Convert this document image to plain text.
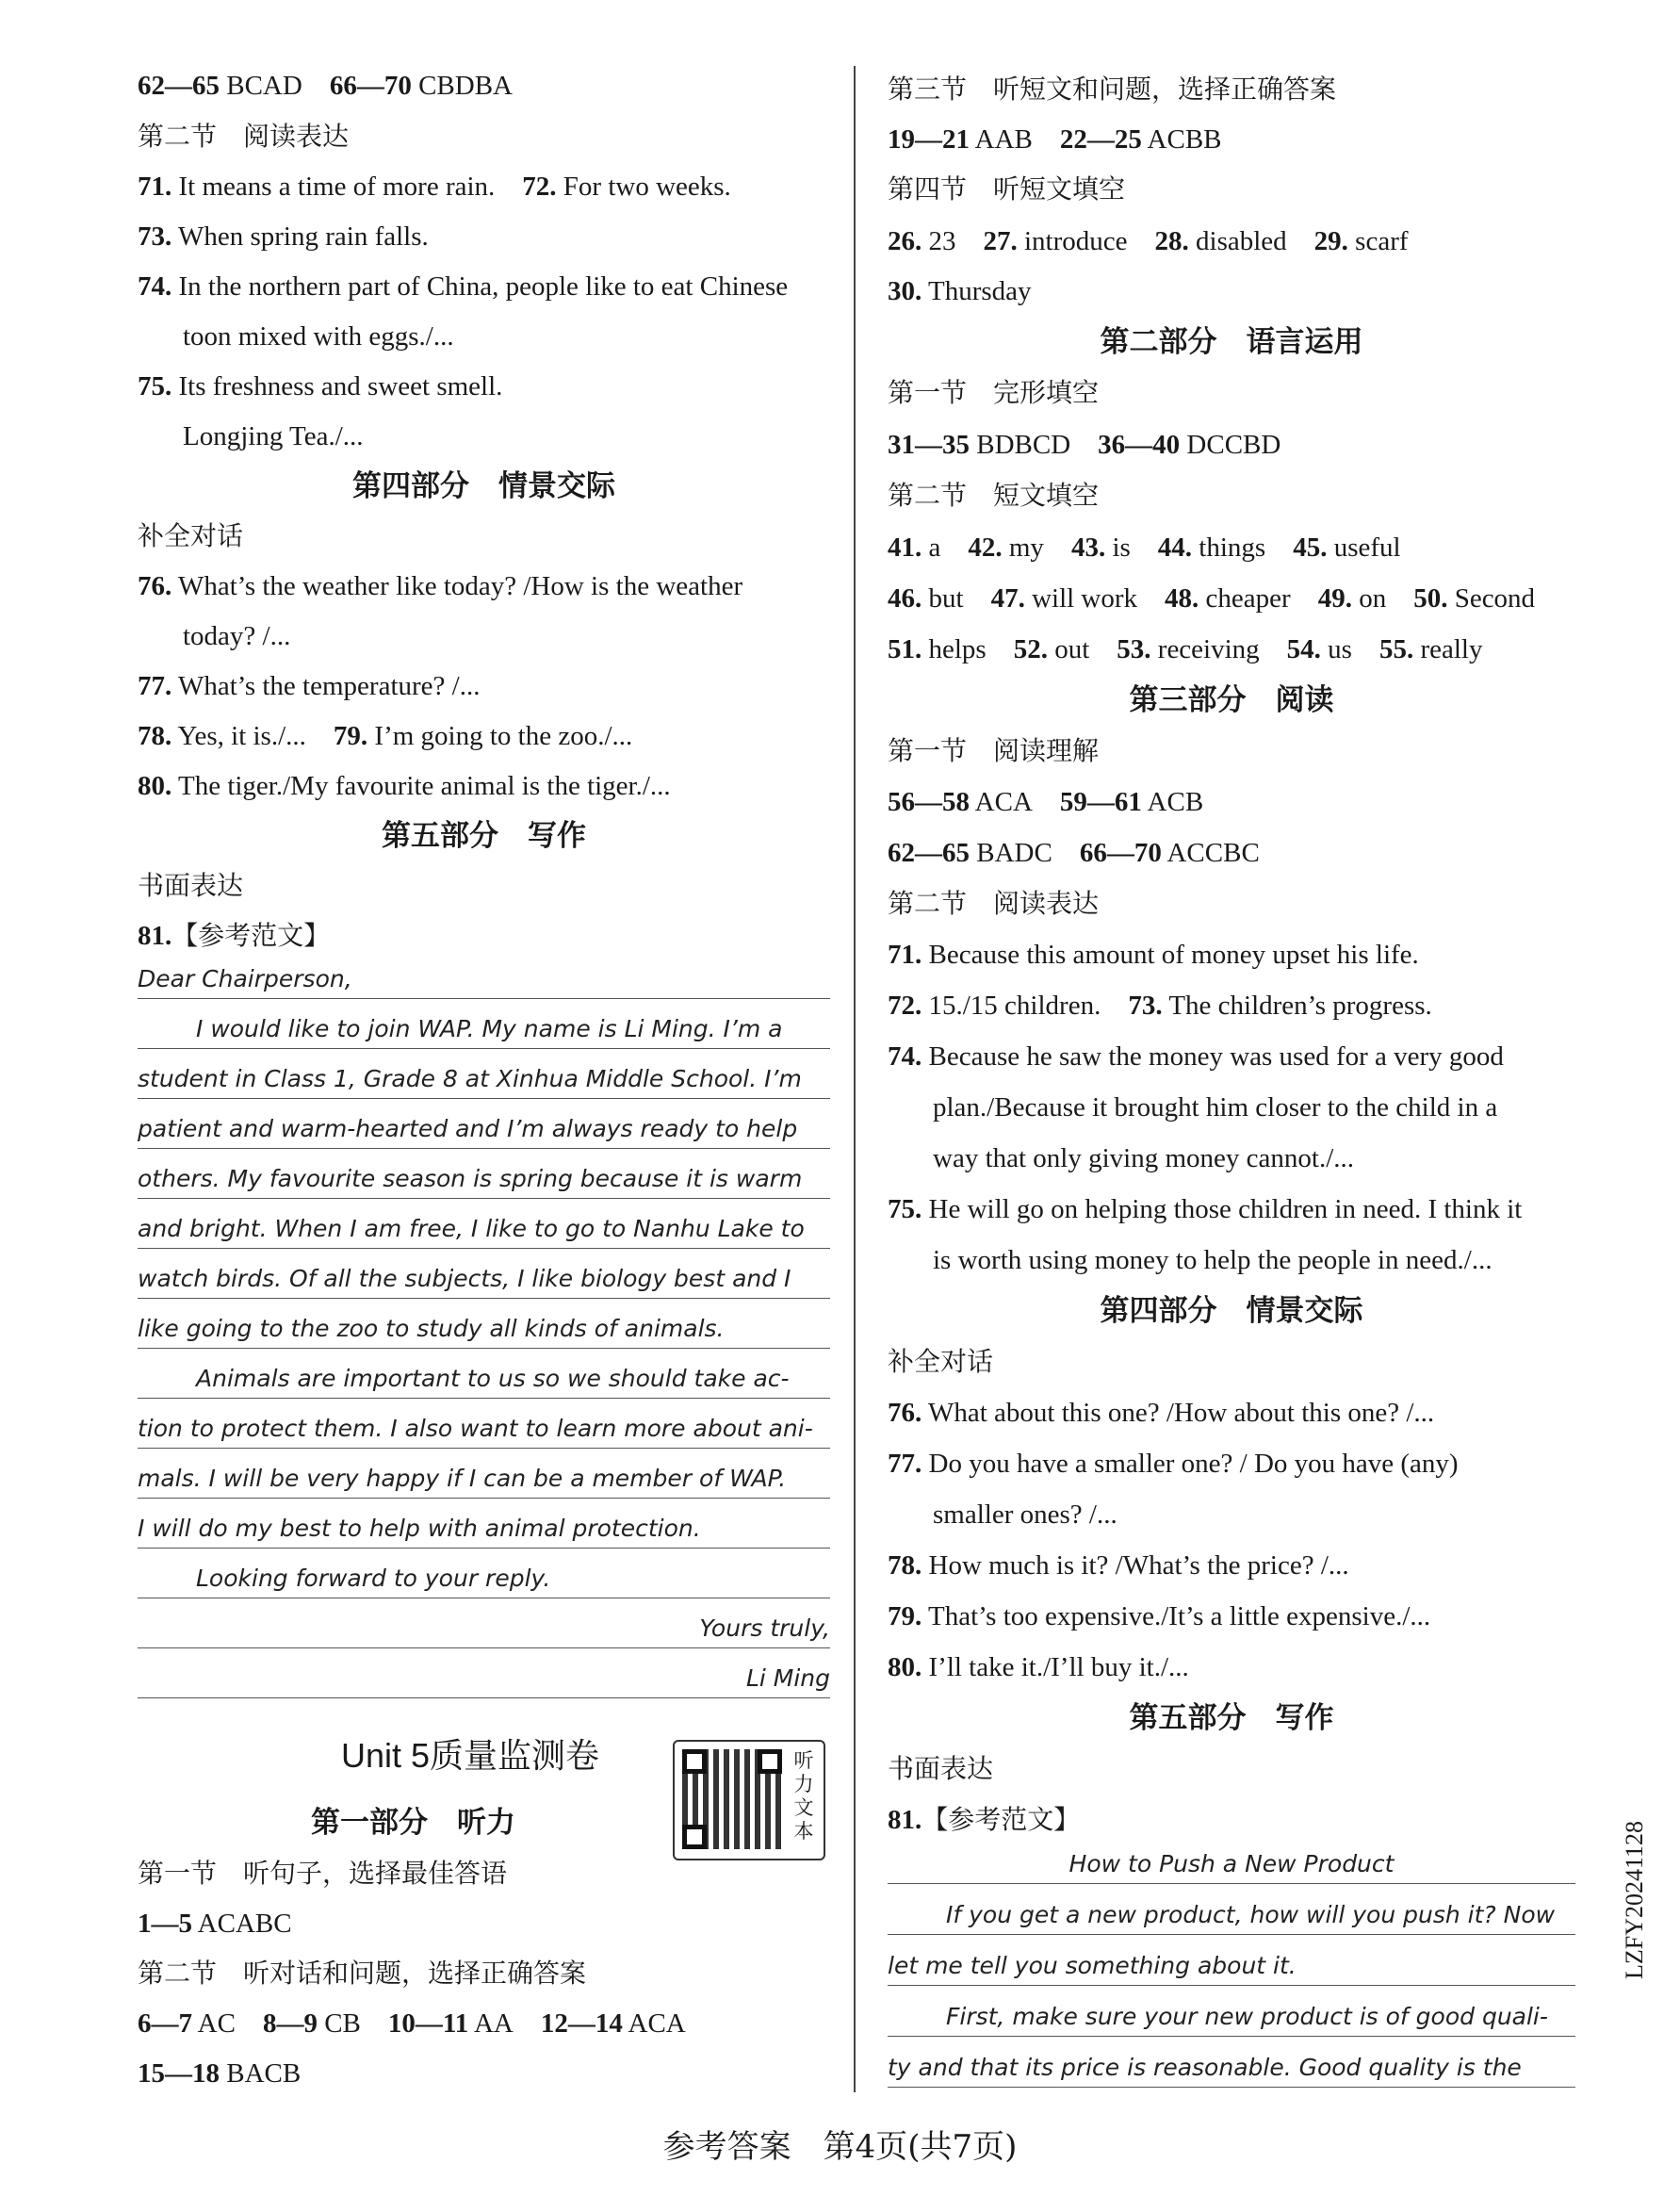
62—65 BCAD 66—70 CBDBA
第二节　阅读表达
71. It means a time of more rain. 72. For two weeks.
73. When spring rain falls.
74. In the northern part of China, people like to eat Chinese
toon mixed with eggs./...
75. Its freshness and sweet smell.
Longjing Tea./...
第四部分　情景交际
补全对话
76. What’s the weather like today? /How is the weather
today? /...
77. What’s the temperature? /...
78. Yes, it is./... 79. I’m going to the zoo./...
80. The tiger./My favourite animal is the tiger./...
第五部分　写作
书面表达
81.【参考范文】
Dear Chairperson,
I would like to join WAP. My name is Li Ming. I’m a
student in Class 1, Grade 8 at Xinhua Middle School. I’m
patient and warm-hearted and I’m always ready to help
others. My favourite season is spring because it is warm
and bright. When I am free, I like to go to Nanhu Lake to
watch birds. Of all the subjects, I like biology best and I
like going to the zoo to study all kinds of animals.
Animals are important to us so we should take ac-
tion to protect them. I also want to learn more about ani-
mals. I will be very happy if I can be a member of WAP.
I will do my best to help with animal protection.
Looking forward to your reply.
Yours truly,
Li Ming
Unit 5质量监测卷	听力文本
第一部分　听力
第一节　听句子，选择最佳答语
1—5 ACABC
第二节　听对话和问题，选择正确答案
6—7 AC 8—9 CB 10—11 AA 12—14 ACA
15—18 BACB
第三节　听短文和问题，选择正确答案
19—21 AAB 22—25 ACBB
第四节　听短文填空
26. 23 27. introduce 28. disabled 29. scarf
30. Thursday
第二部分　语言运用
第一节　完形填空
31—35 BDBCD 36—40 DCCBD
第二节　短文填空
41. a 42. my 43. is 44. things 45. useful
46. but 47. will work 48. cheaper 49. on 50. Second
51. helps 52. out 53. receiving 54. us 55. really
第三部分　阅读
第一节　阅读理解
56—58 ACA 59—61 ACB
62—65 BADC 66—70 ACCBC
第二节　阅读表达
71. Because this amount of money upset his life.
72. 15./15 children. 73. The children’s progress.
74. Because he saw the money was used for a very good
plan./Because it brought him closer to the child in a
way that only giving money cannot./...
75. He will go on helping those children in need. I think it
is worth using money to help the people in need./...
第四部分　情景交际
补全对话
76. What about this one? /How about this one? /...
77. Do you have a smaller one? / Do you have (any)
smaller ones? /...
78. How much is it? /What’s the price? /...
79. That’s too expensive./It’s a little expensive./...
80. I’ll take it./I’ll buy it./...
第五部分　写作
书面表达
81.【参考范文】
How to Push a New Product
If you get a new product, how will you push it? Now
let me tell you something about it.
First, make sure your new product is of good quali-
ty and that its price is reasonable. Good quality is the
参考答案　第4页(共7页)
LZFY20241128
